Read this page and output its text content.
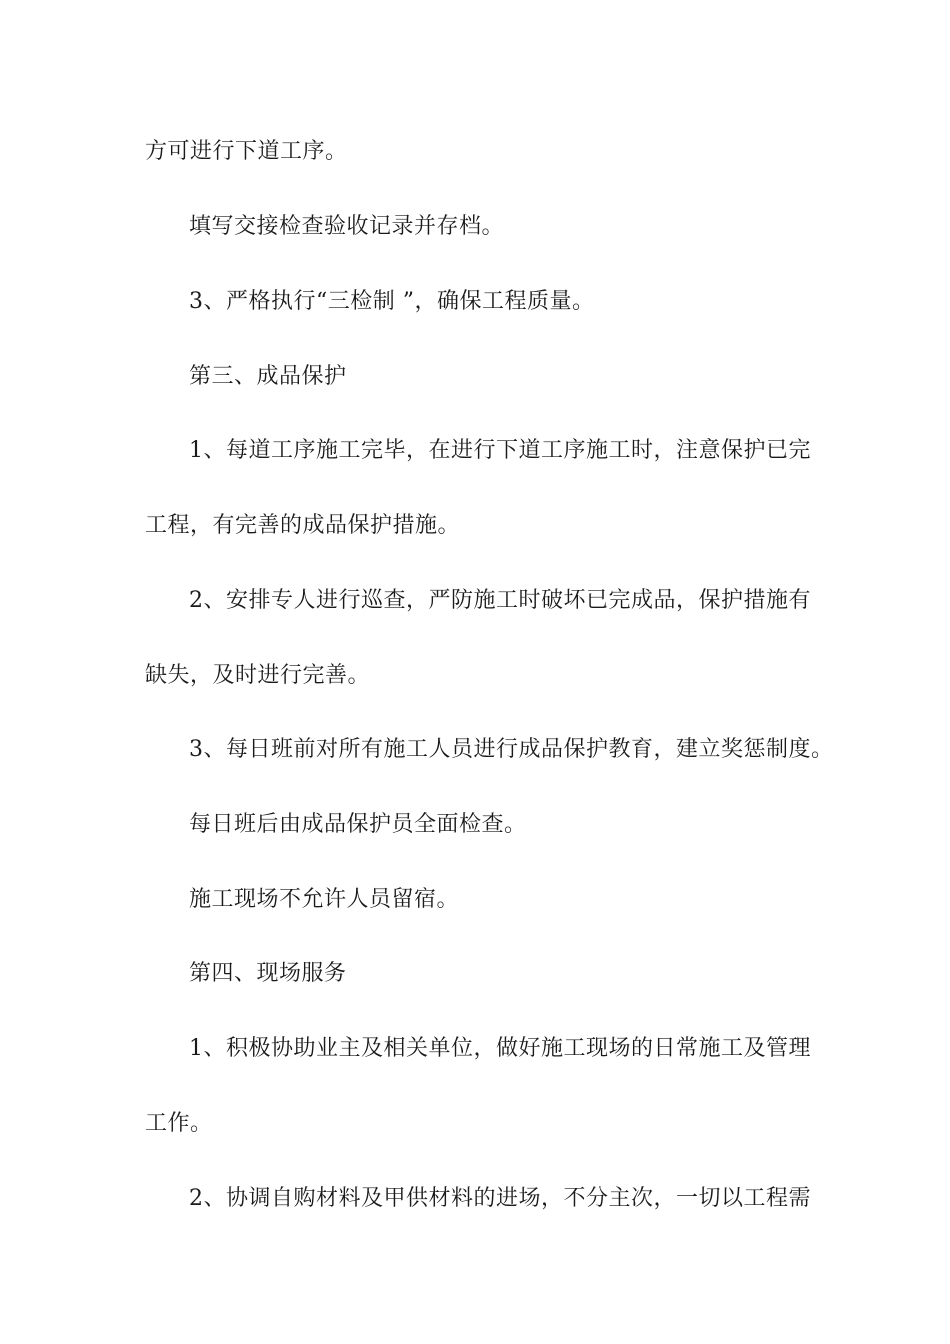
方可进行下道工序。
填写交接检查验收记录并存档。
3、严格执行“三检制 ”，确保工程质量。
第三、成品保护
1、每道工序施工完毕，在进行下道工序施工时，注意保护已完
工程，有完善的成品保护措施。
2、安排专人进行巡查，严防施工时破坏已完成品，保护措施有
缺失，及时进行完善。
3、每日班前对所有施工人员进行成品保护教育，建立奖惩制度。
每日班后由成品保护员全面检查。
施工现场不允许人员留宿。
第四、现场服务
1、积极协助业主及相关单位，做好施工现场的日常施工及管理
工作。
2、协调自购材料及甲供材料的进场，不分主次，一切以工程需
